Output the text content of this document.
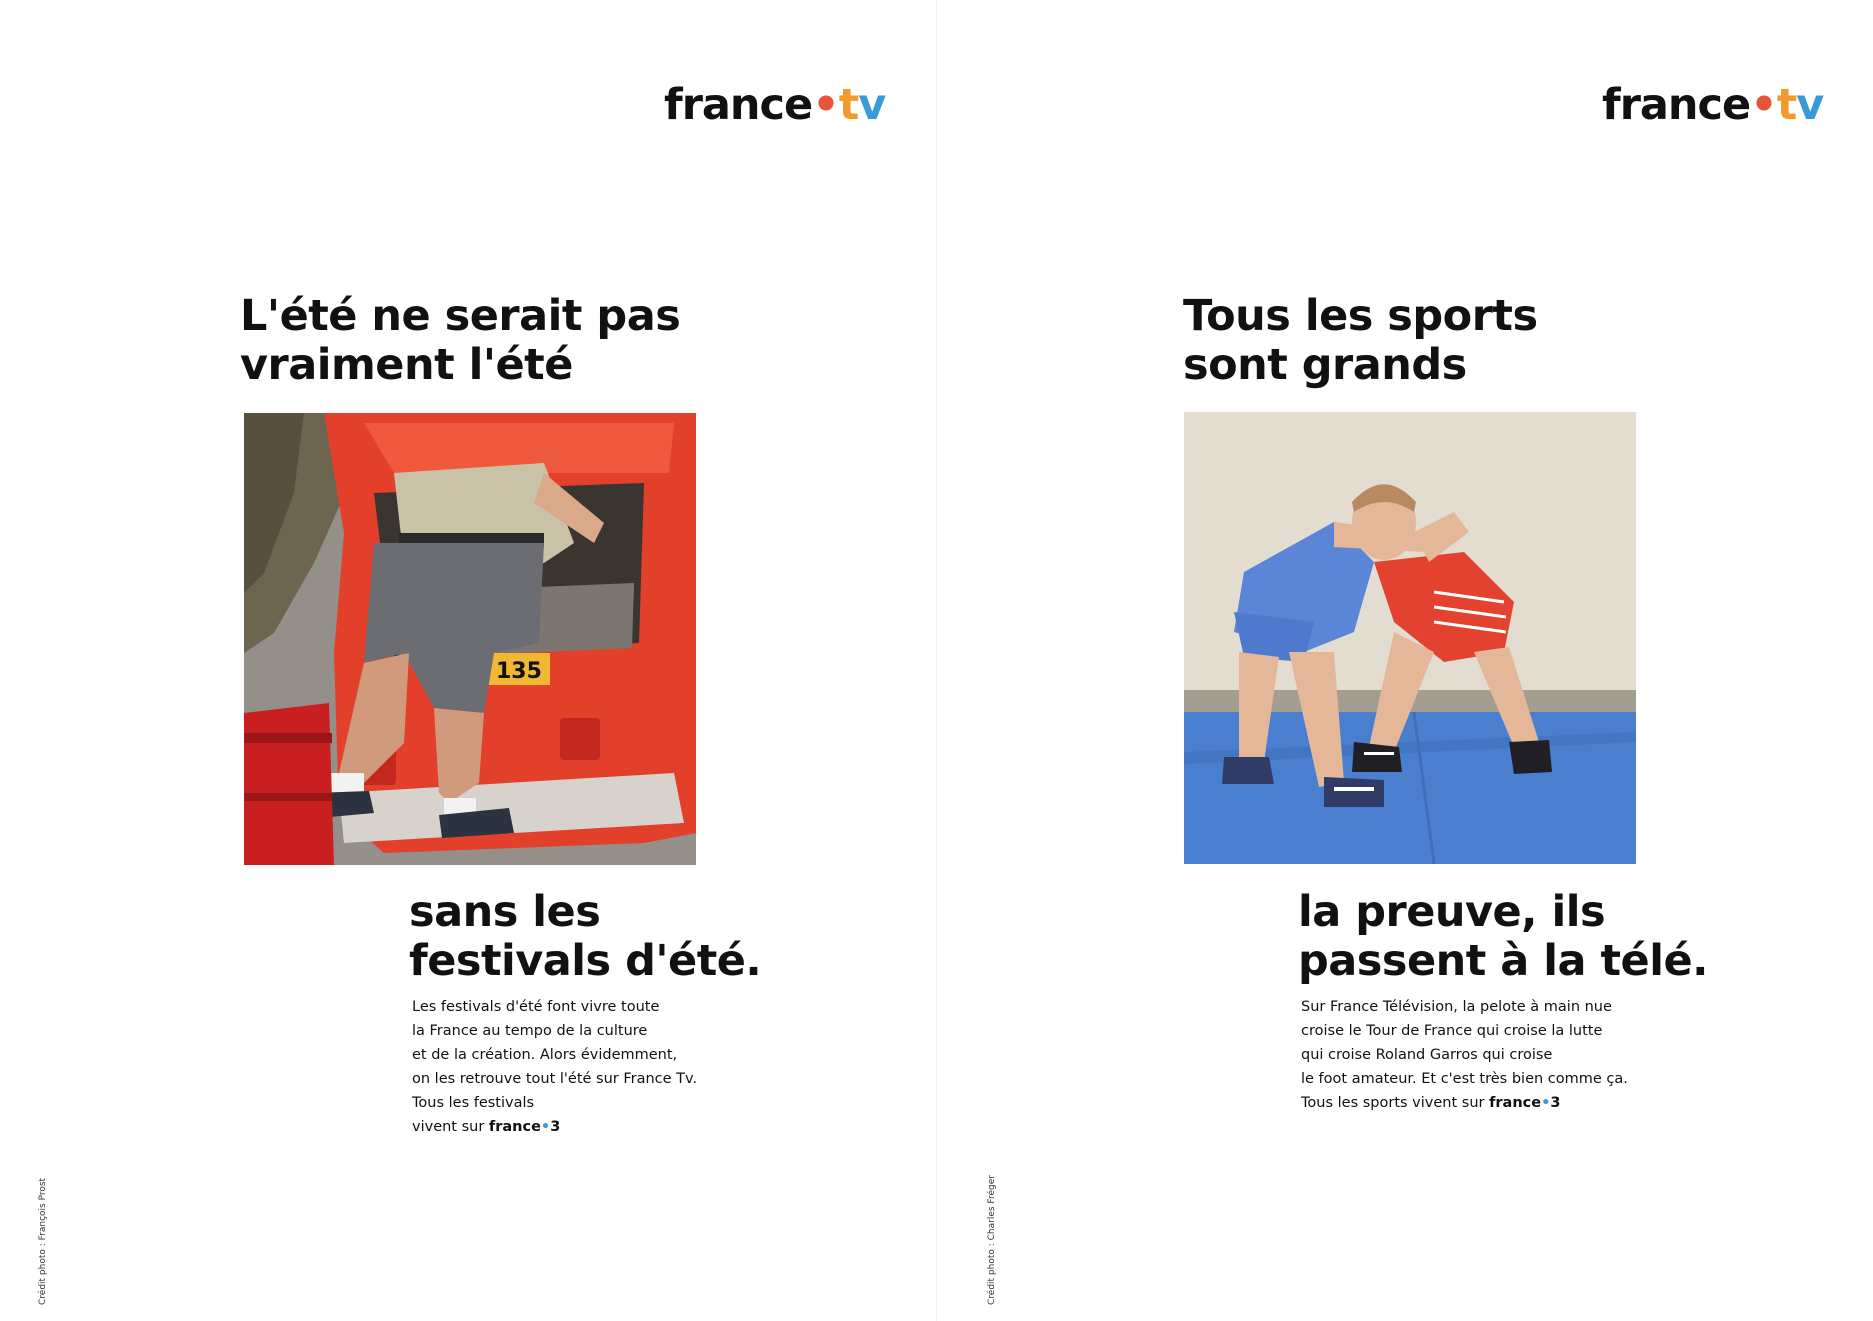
france•tv
L'été ne serait pas
vraiment l'été
135
sans les
festivals d'été.
Les festivals d'été font vivre toute
la France au tempo de la culture
et de la création. Alors évidemment,
on les retrouve tout l'été sur France Tv.
Tous les festivals
vivent sur france•3
Crédit photo : François Prost
france•tv
Tous les sports
sont grands
la preuve, ils
passent à la télé.
Sur France Télévision, la pelote à main nue
croise le Tour de France qui croise la lutte
qui croise Roland Garros qui croise
le foot amateur. Et c'est très bien comme ça.
Tous les sports vivent sur france•3
Crédit photo : Charles Fréger
